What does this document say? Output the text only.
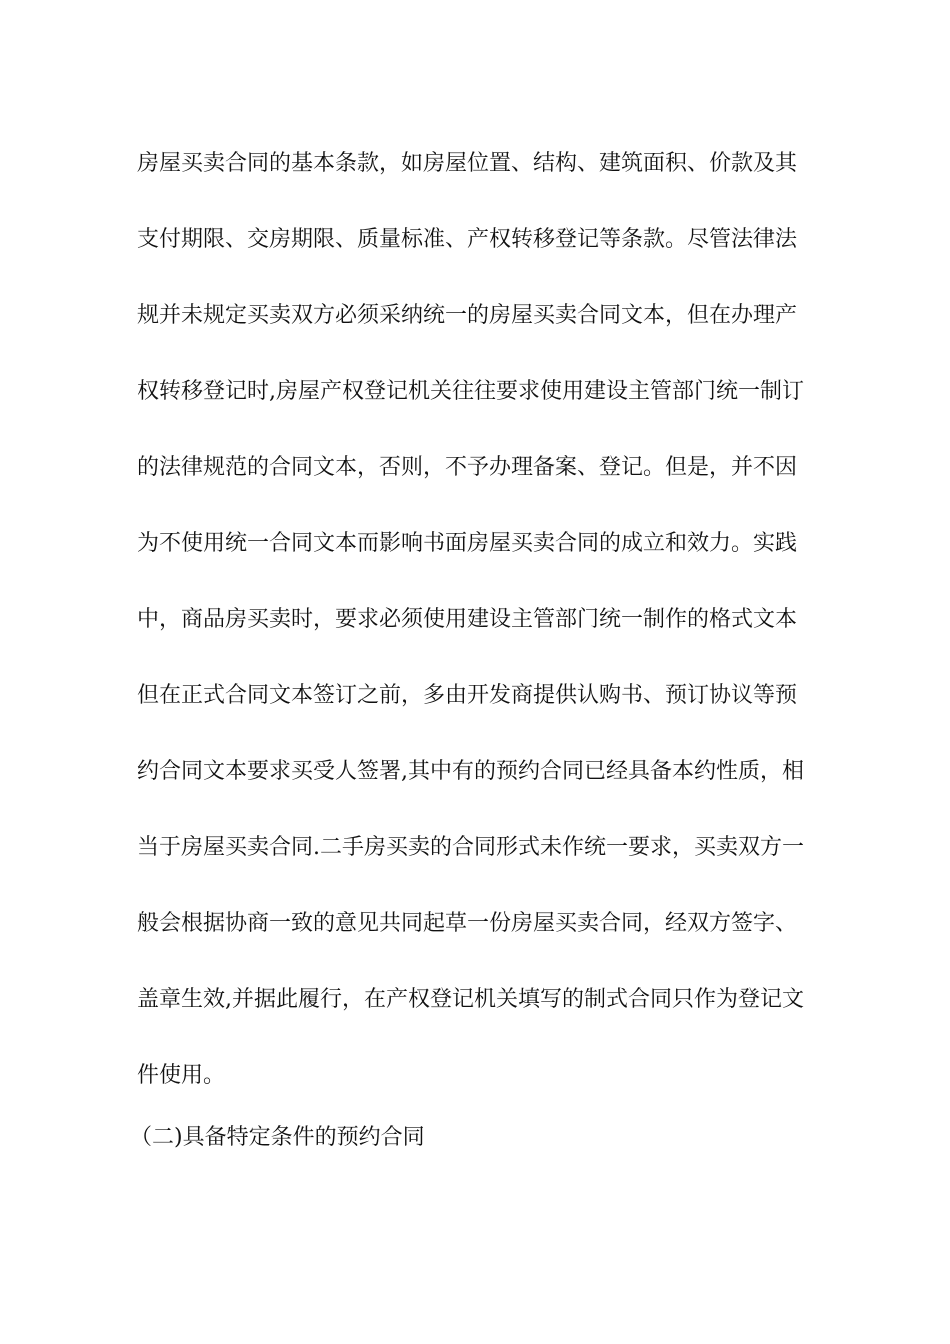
房屋买卖合同的基本条款，如房屋位置、结构、建筑面积、价款及其
支付期限、交房期限、质量标准、产权转移登记等条款。尽管法律法
规并未规定买卖双方必须采纳统一的房屋买卖合同文本，但在办理产
权转移登记时,房屋产权登记机关往往要求使用建设主管部门统一制订
的法律规范的合同文本，否则，不予办理备案、登记。但是，并不因
为不使用统一合同文本而影响书面房屋买卖合同的成立和效力。实践
中，商品房买卖时，要求必须使用建设主管部门统一制作的格式文本
但在正式合同文本签订之前，多由开发商提供认购书、预订协议等预
约合同文本要求买受人签署,其中有的预约合同已经具备本约性质，相
当于房屋买卖合同.二手房买卖的合同形式未作统一要求，买卖双方一
般会根据协商一致的意见共同起草一份房屋买卖合同，经双方签字、
盖章生效,并据此履行，在产权登记机关填写的制式合同只作为登记文
件使用。
（二)具备特定条件的预约合同
